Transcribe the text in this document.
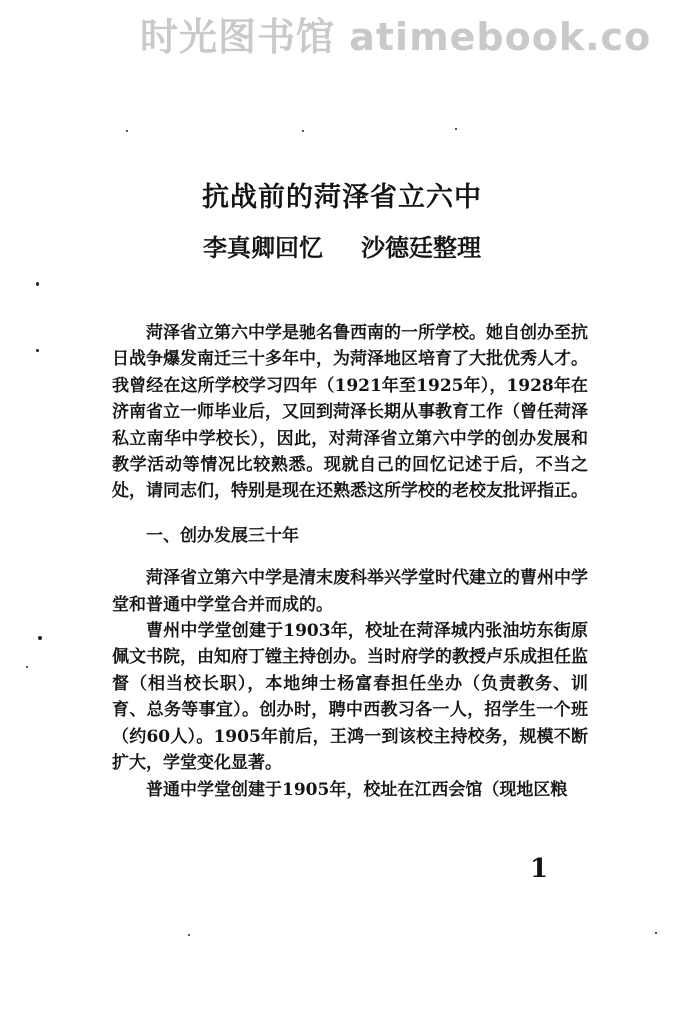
时光图书馆 atimebook.co
抗战前的菏泽省立六中
李真卿回忆 沙德廷整理

菏泽省立第六中学是驰名鲁西南的一所学校。她自创办至抗日战争爆发南迁三十多年中，为菏泽地区培育了大批优秀人才。我曾经在这所学校学习四年（1921年至1925年），1928年在济南省立一师毕业后，又回到菏泽长期从事教育工作（曾任菏泽私立南华中学校长），因此，对菏泽省立第六中学的创办发展和教学活动等情况比较熟悉。现就自己的回忆记述于后，不当之处，请同志们，特别是现在还熟悉这所学校的老校友批评指正。

一、创办发展三十年

菏泽省立第六中学是清末废科举兴学堂时代建立的曹州中学堂和普通中学堂合并而成的。

曹州中学堂创建于1903年，校址在菏泽城内张油坊东街原佩文书院，由知府丁镗主持创办。当时府学的教授卢乐成担任监督（相当校长职），本地绅士杨富春担任坐办（负责教务、训育、总务等事宜）。创办时，聘中西教习各一人，招学生一个班（约60人）。1905年前后，王鸿一到该校主持校务，规模不断扩大，学堂变化显著。

普通中学堂创建于1905年，校址在江西会馆（现地区粮

1
